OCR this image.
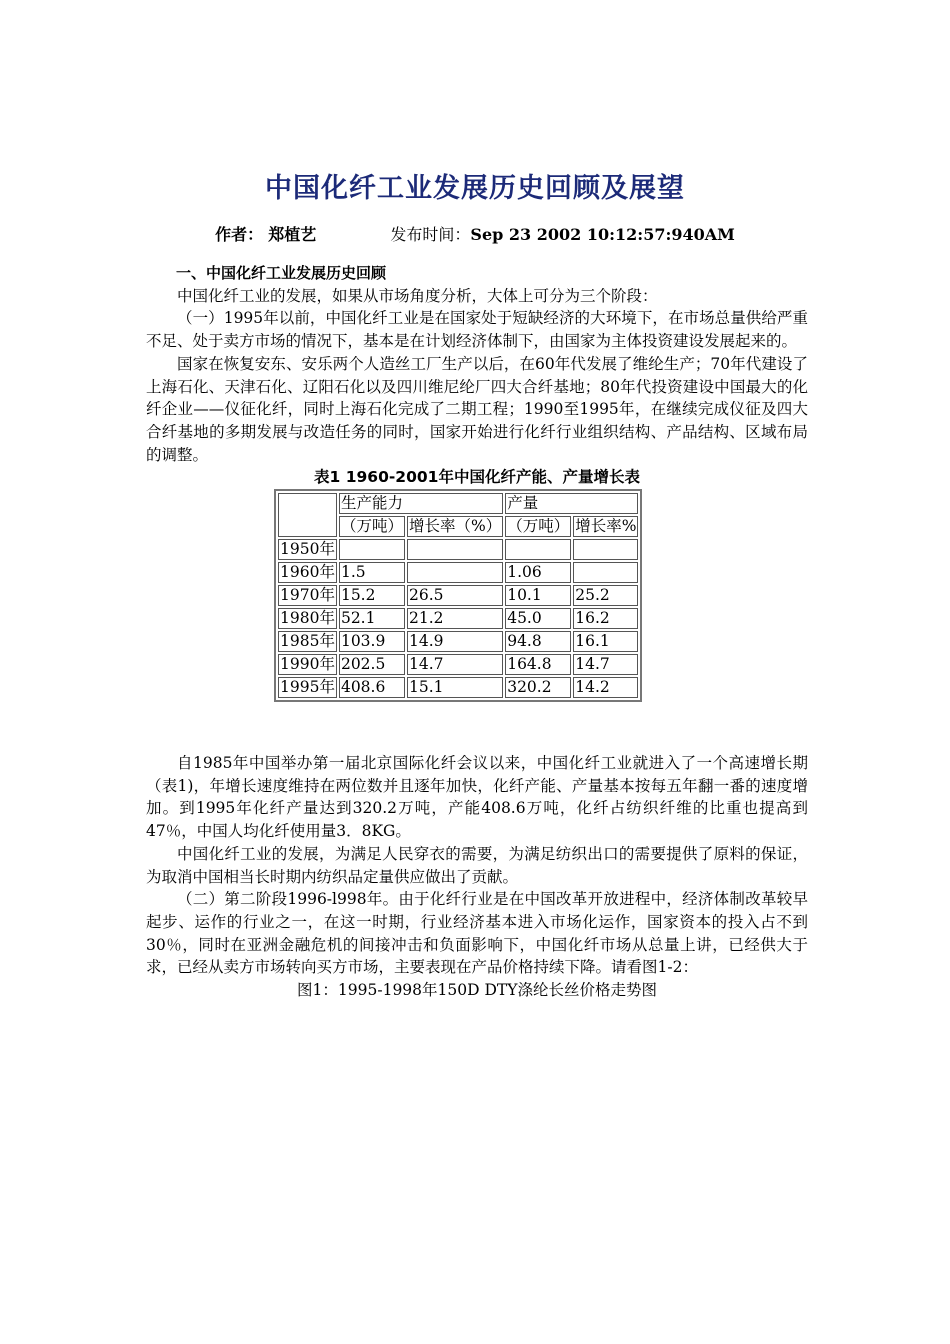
中国化纤工业发展历史回顾及展望
作者： 郑植艺	发布时间：Sep 23 2002 10:12:57:940AM

一、中国化纤工业发展历史回顾

中国化纤工业的发展，如果从市场角度分析，大体上可分为三个阶段：

（一）1995年以前，中国化纤工业是在国家处于短缺经济的大环境下，在市场总量供给严重不足、处于卖方市场的情况下，基本是在计划经济体制下，由国家为主体投资建设发展起来的。

国家在恢复安东、安乐两个人造丝工厂生产以后，在60年代发展了维纶生产；70年代建设了上海石化、天津石化、辽阳石化以及四川维尼纶厂四大合纤基地；80年代投资建设中国最大的化纤企业——仪征化纤，同时上海石化完成了二期工程；1990至1995年，在继续完成仪征及四大合纤基地的多期发展与改造任务的同时，国家开始进行化纤行业组织结构、产品结构、区域布局的调整。

表1 1960-2001年中国化纤产能、产量增长表

	生产能力		产量	
	（万吨）	增长率（%）	（万吨）	增长率%
1950年				
1960年	1.5		1.06	
1970年	15.2	26.5	10.1	25.2
1980年	52.1	21.2	45.0	16.2
1985年	103.9	14.9	94.8	16.1
1990年	202.5	14.7	164.8	14.7
1995年	408.6	15.1	320.2	14.2

自1985年中国举办第一届北京国际化纤会议以来，中国化纤工业就进入了一个高速增长期（表1)，年增长速度维持在两位数并且逐年加快，化纤产能、产量基本按每五年翻一番的速度增加。到1995年化纤产量达到320.2万吨，产能408.6万吨，化纤占纺织纤维的比重也提高到47％，中国人均化纤使用量3．8KG。

中国化纤工业的发展，为满足人民穿衣的需要，为满足纺织出口的需要提供了原料的保证，为取消中国相当长时期内纺织品定量供应做出了贡献。

（二）第二阶段1996-l998年。由于化纤行业是在中国改革开放进程中，经济体制改革较早起步、运作的行业之一，在这一时期，行业经济基本进入市场化运作，国家资本的投入占不到30％，同时在亚洲金融危机的间接冲击和负面影响下，中国化纤市场从总量上讲，已经供大于求，已经从卖方市场转向买方市场，主要表现在产品价格持续下降。请看图1-2：

图1：1995-1998年150D DTY涤纶长丝价格走势图
